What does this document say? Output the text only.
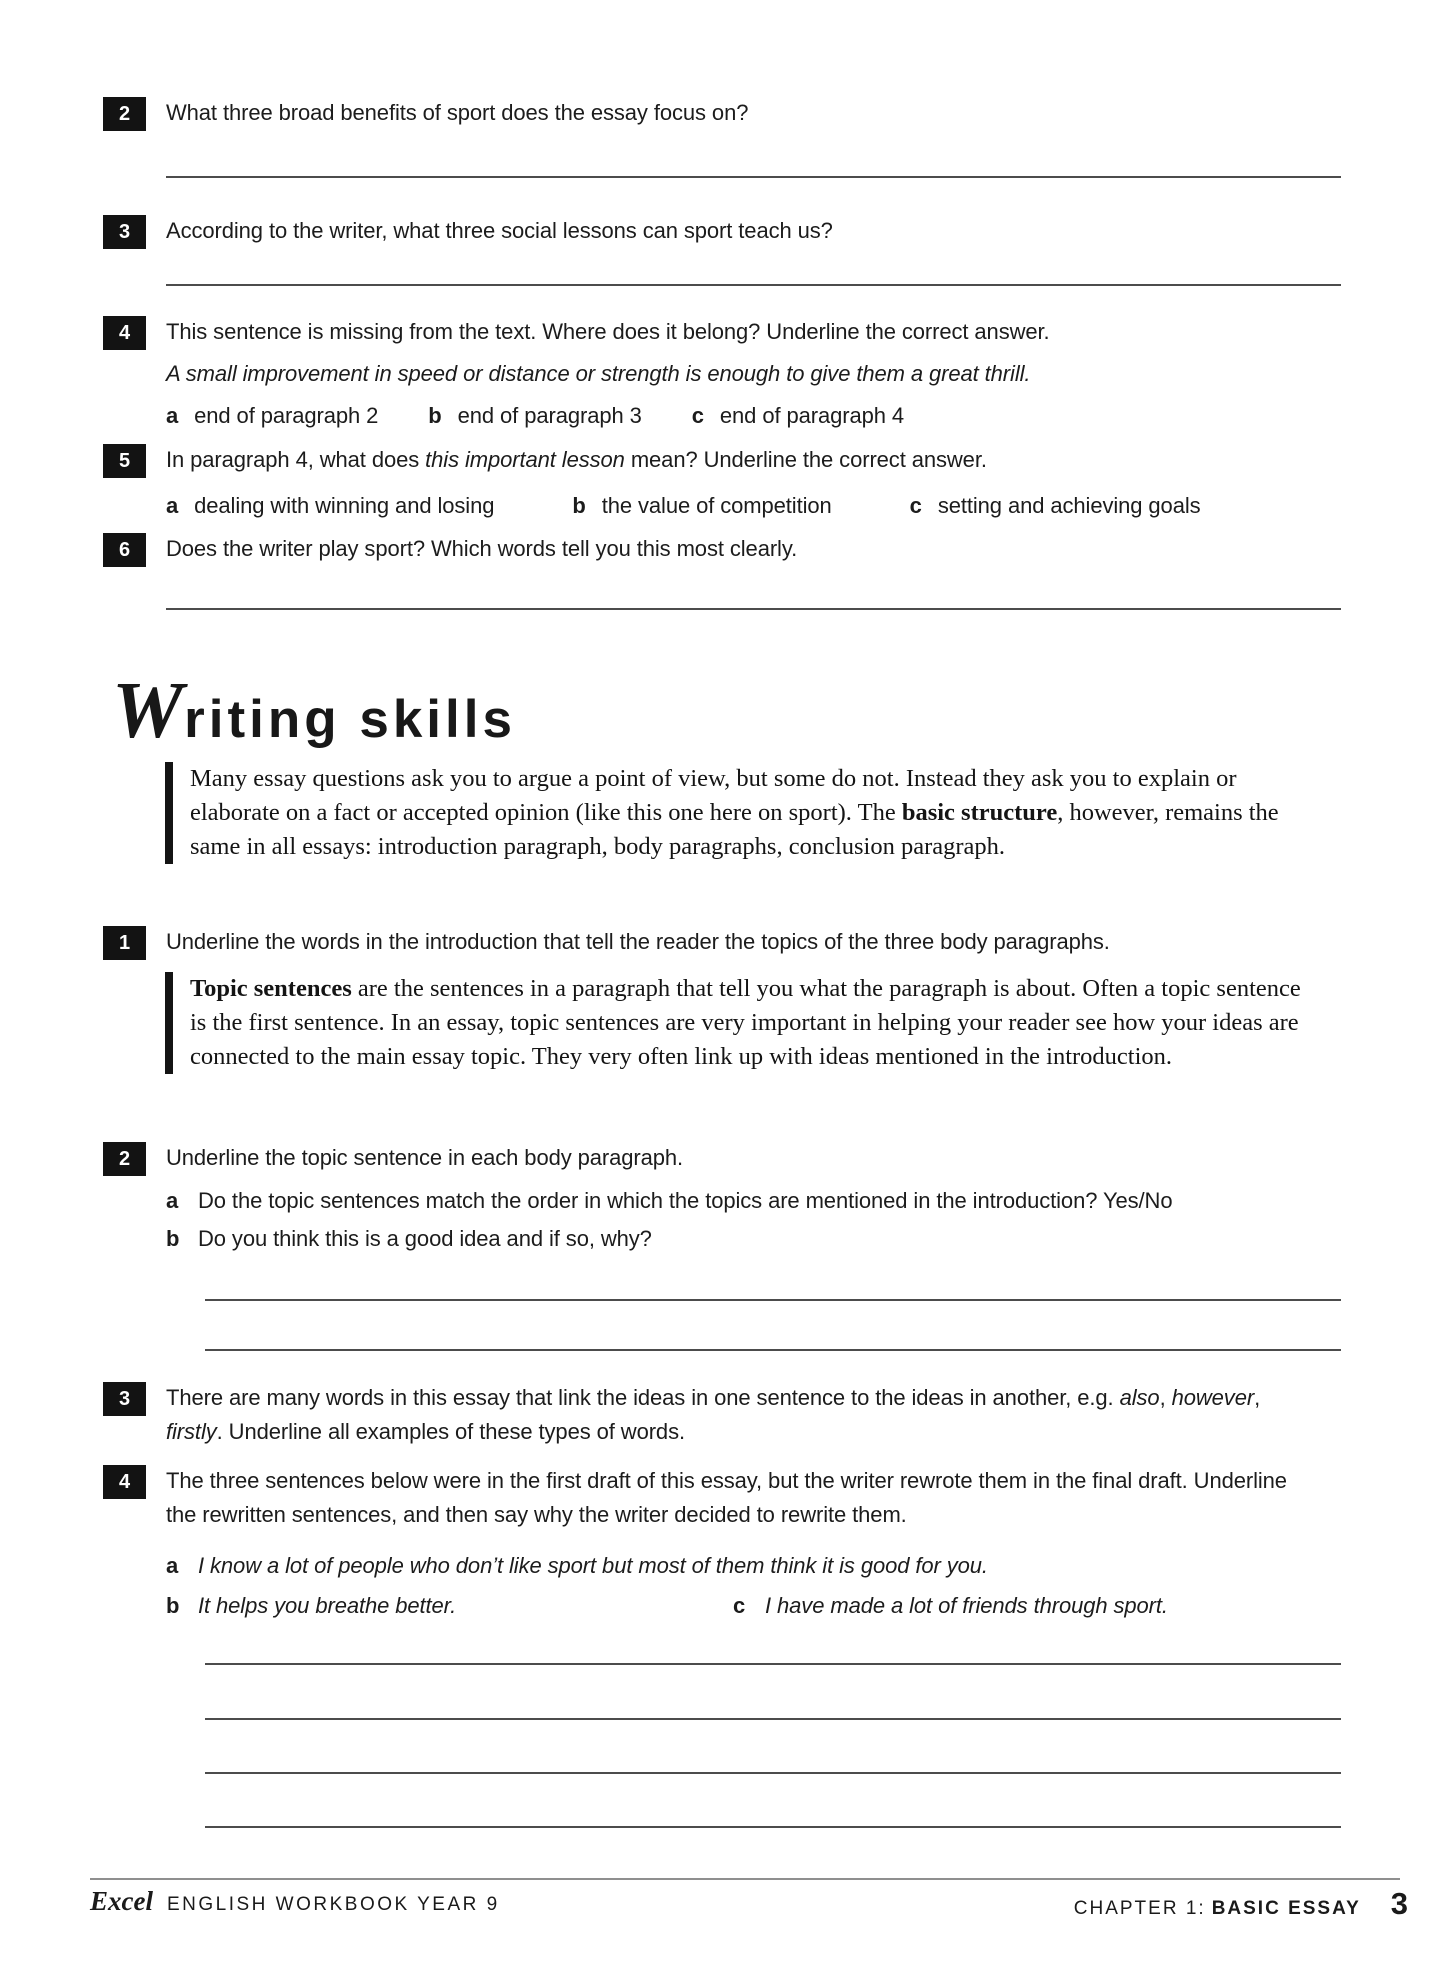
2	What three broad benefits of sport does the essay focus on?
3	According to the writer, what three social lessons can sport teach us?
4	This sentence is missing from the text. Where does it belong? Underline the correct answer.
A small improvement in speed or distance or strength is enough to give them a great thrill.
a end of paragraph 2 b end of paragraph 3 c end of paragraph 4
5	In paragraph 4, what does this important lesson mean? Underline the correct answer.
a dealing with winning and losing	b the value of competition	c setting and achieving goals
6	Does the writer play sport? Which words tell you this most clearly.
W riting skills
Many essay questions ask you to argue a point of view, but some do not. Instead they ask you to explain or elaborate on a fact or accepted opinion (like this one here on sport). The basic structure, however, remains the same in all essays: introduction paragraph, body paragraphs, conclusion paragraph.
1	Underline the words in the introduction that tell the reader the topics of the three body paragraphs.
Topic sentences are the sentences in a paragraph that tell you what the paragraph is about. Often a topic sentence is the first sentence. In an essay, topic sentences are very important in helping your reader see how your ideas are connected to the main essay topic. They very often link up with ideas mentioned in the introduction.
2	Underline the topic sentence in each body paragraph.
a Do the topic sentences match the order in which the topics are mentioned in the introduction? Yes/No
b Do you think this is a good idea and if so, why?
3	There are many words in this essay that link the ideas in one sentence to the ideas in another, e.g. also, however, firstly. Underline all examples of these types of words.
4	The three sentences below were in the first draft of this essay, but the writer rewrote them in the final draft. Underline the rewritten sentences, and then say why the writer decided to rewrite them.
a I know a lot of people who don’t like sport but most of them think it is good for you.
b It helps you breathe better.	c I have made a lot of friends through sport.
Excel ENGLISH WORKBOOK YEAR 9	CHAPTER 1: BASIC ESSAY 3
